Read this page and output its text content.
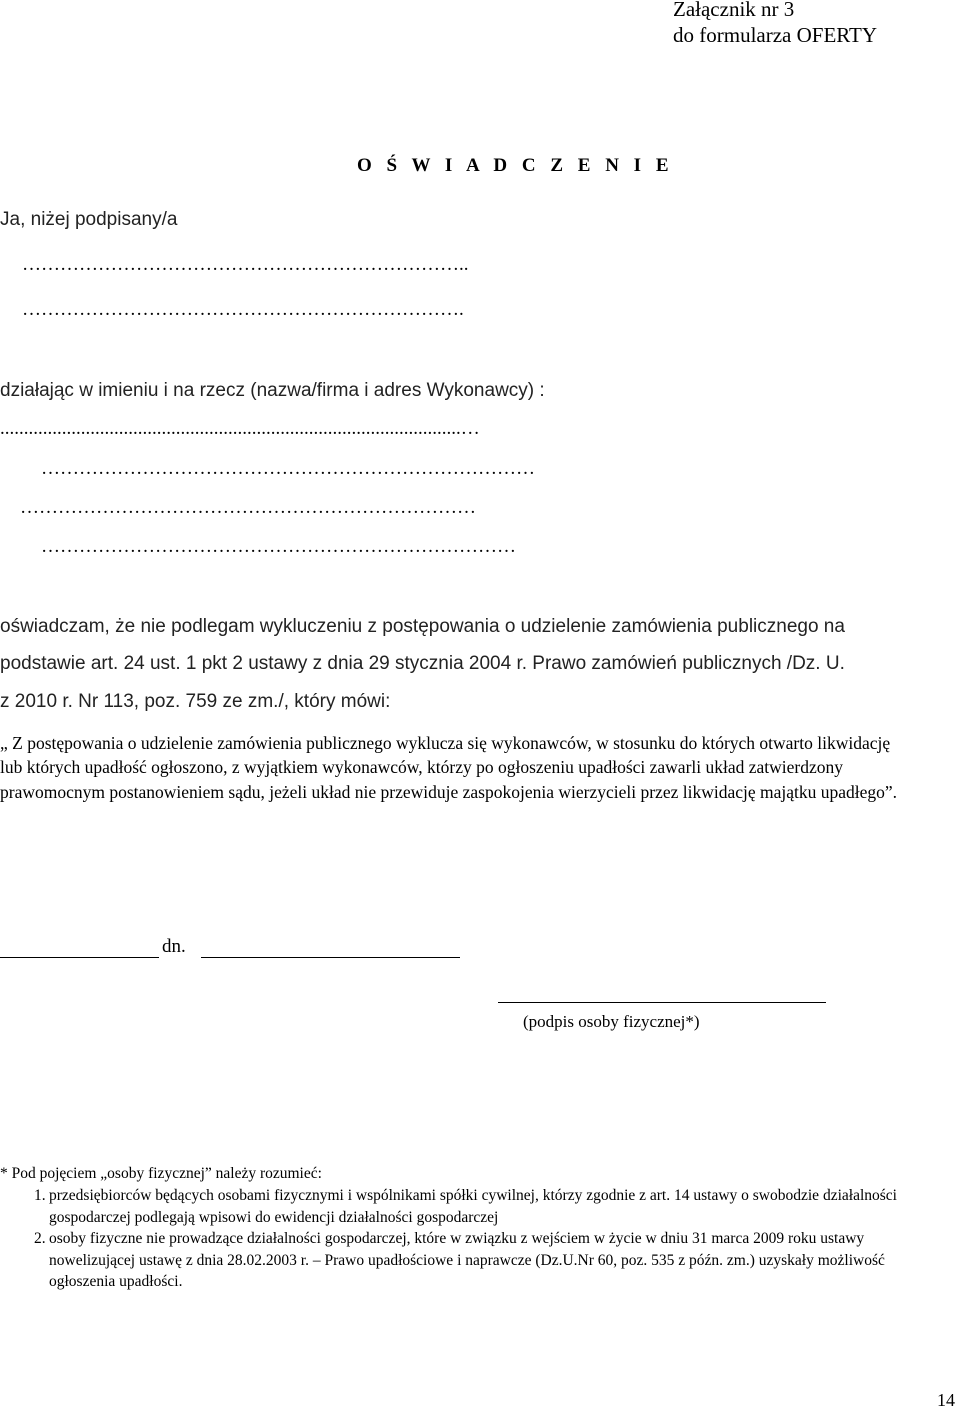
Załącznik nr 3
do formularza OFERTY
O Ś W I A D C Z E N I E
Ja, niżej podpisany/a
……………………………………………………………..
…………………………………………………………….
działając w imieniu i na rzecz (nazwa/firma i adres Wykonawcy) :
.................................................................................................…
……………………………………………………………………
………………………………………………………………
…………………………………………………………………
oświadczam, że nie podlegam wykluczeniu z postępowania o udzielenie zamówienia publicznego na
podstawie art. 24 ust. 1 pkt 2 ustawy z dnia 29 stycznia 2004 r. Prawo zamówień publicznych /Dz. U.
z 2010 r. Nr 113, poz. 759 ze zm./, który mówi:
„ Z postępowania o udzielenie zamówienia publicznego wyklucza się wykonawców, w stosunku do których otwarto likwidację lub których upadłość ogłoszono, z wyjątkiem wykonawców, którzy po ogłoszeniu upadłości zawarli układ zatwierdzony prawomocnym postanowieniem sądu, jeżeli układ nie przewiduje zaspokojenia wierzycieli przez likwidację majątku upadłego”.
dn.
(podpis osoby fizycznej*)
* Pod pojęciem „osoby fizycznej” należy rozumieć:
1. przedsiębiorców będących osobami fizycznymi i wspólnikami spółki cywilnej, którzy zgodnie z art. 14 ustawy o swobodzie działalności gospodarczej podlegają wpisowi do ewidencji działalności gospodarczej
2. osoby fizyczne nie prowadzące działalności gospodarczej, które w związku z wejściem w życie w dniu 31 marca 2009 roku ustawy nowelizującej ustawę z dnia 28.02.2003 r. – Prawo upadłościowe i naprawcze (Dz.U.Nr 60, poz. 535 z późn. zm.) uzyskały możliwość ogłoszenia upadłości.
14
